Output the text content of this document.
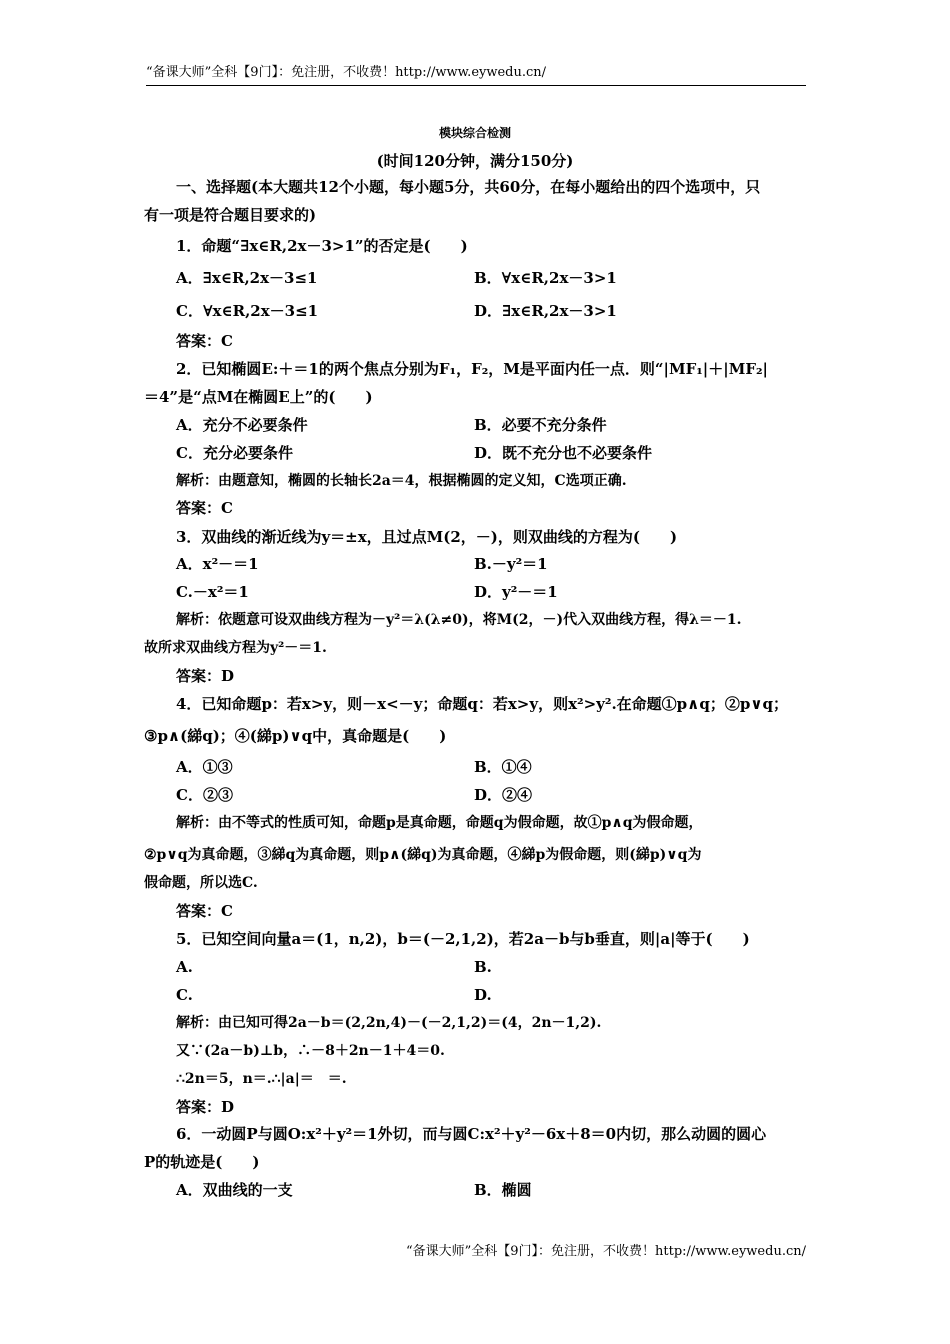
“备课大师”全科【9门】：免注册，不收费！http://www.eywedu.cn/
模块综合检测
(时间120分钟，满分150分)
一、选择题(本大题共12个小题，每小题5分，共60分，在每小题给出的四个选项中，只
有一项是符合题目要求的)
1．命题“∃x∈R,2x－3>1”的否定是(　　)
A．∃x∈R,2x－3≤1	B．∀x∈R,2x－3>1
C．∀x∈R,2x－3≤1	D．∃x∈R,2x－3>1
答案：C
2．已知椭圆E:＋＝1的两个焦点分别为F₁，F₂，M是平面内任一点．则“|MF₁|＋|MF₂|
＝4”是“点M在椭圆E上”的(　　)
A．充分不必要条件	B．必要不充分条件
C．充分必要条件	D．既不充分也不必要条件
解析：由题意知，椭圆的长轴长2a＝4，根据椭圆的定义知，C选项正确.
答案：C
3．双曲线的渐近线为y＝±x，且过点M(2，－)，则双曲线的方程为(　　)
A．x²－＝1	B.－y²＝1
C.－x²＝1	D．y²－＝1
解析：依题意可设双曲线方程为－y²＝λ(λ≠0)，将M(2，－)代入双曲线方程，得λ＝－1.
故所求双曲线方程为y²－＝1.
答案：D
4．已知命题p：若x>y，则－x<－y；命题q：若x>y，则x²>y².在命题①p∧q；②p∨q；
③p∧(綈q)；④(綈p)∨q中，真命题是(　　)
A．①③	B．①④
C．②③	D．②④
解析：由不等式的性质可知，命题p是真命题，命题q为假命题，故①p∧q为假命题，
②p∨q为真命题，③綈q为真命题，则p∧(綈q)为真命题，④綈p为假命题，则(綈p)∨q为
假命题，所以选C.
答案：C
5．已知空间向量a＝(1，n,2)，b＝(－2,1,2)，若2a－b与b垂直，则|a|等于(　　)
A.	B.
C.	D.
解析：由已知可得2a－b＝(2,2n,4)－(－2,1,2)＝(4，2n－1,2).
又∵(2a－b)⊥b，∴－8＋2n－1＋4＝0.
∴2n＝5，n＝.∴|a|＝　＝.
答案：D
6．一动圆P与圆O:x²＋y²＝1外切，而与圆C:x²＋y²－6x＋8＝0内切，那么动圆的圆心
P的轨迹是(　　)
A．双曲线的一支	B．椭圆
“备课大师”全科【9门】：免注册，不收费！http://www.eywedu.cn/
